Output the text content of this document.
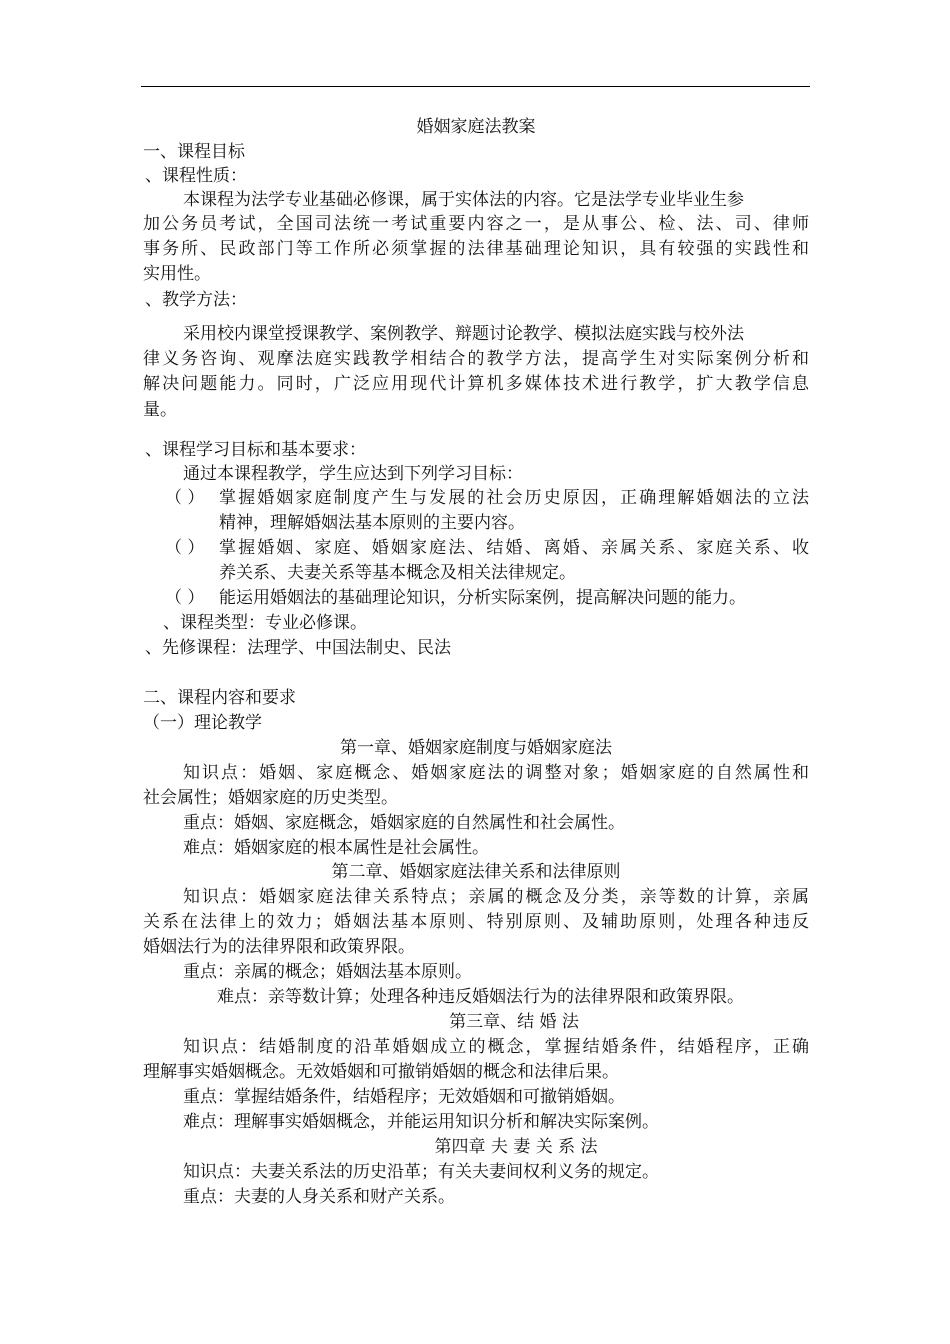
婚姻家庭法教案
一、课程目标
、课程性质：
本课程为法学专业基础必修课，属于实体法的内容。它是法学专业毕业生参
加公务员考试，全国司法统一考试重要内容之一，是从事公、检、法、司、律师
事务所、民政部门等工作所必须掌握的法律基础理论知识，具有较强的实践性和
实用性。
、教学方法：
采用校内课堂授课教学、案例教学、辩题讨论教学、模拟法庭实践与校外法
律义务咨询、观摩法庭实践教学相结合的教学方法，提高学生对实际案例分析和
解决问题能力。同时，广泛应用现代计算机多媒体技术进行教学，扩大教学信息
量。
、课程学习目标和基本要求：
通过本课程教学，学生应达到下列学习目标：
（ ） 掌握婚姻家庭制度产生与发展的社会历史原因，正确理解婚姻法的立法
精神，理解婚姻法基本原则的主要内容。
（ ） 掌握婚姻、家庭、婚姻家庭法、结婚、离婚、亲属关系、家庭关系、收
养关系、夫妻关系等基本概念及相关法律规定。
（ ） 能运用婚姻法的基础理论知识，分析实际案例，提高解决问题的能力。
、课程类型：专业必修课。
、先修课程：法理学、中国法制史、民法
二、课程内容和要求
（一）理论教学
第一章、婚姻家庭制度与婚姻家庭法
知识点：婚姻、家庭概念、婚姻家庭法的调整对象；婚姻家庭的自然属性和
社会属性；婚姻家庭的历史类型。
重点：婚姻、家庭概念，婚姻家庭的自然属性和社会属性。
难点：婚姻家庭的根本属性是社会属性。
第二章、婚姻家庭法律关系和法律原则
知识点：婚姻家庭法律关系特点；亲属的概念及分类，亲等数的计算，亲属
关系在法律上的效力；婚姻法基本原则、特别原则、及辅助原则，处理各种违反
婚姻法行为的法律界限和政策界限。
重点：亲属的概念；婚姻法基本原则。
难点：亲等数计算；处理各种违反婚姻法行为的法律界限和政策界限。
第三章、结 婚 法
知识点：结婚制度的沿革婚姻成立的概念，掌握结婚条件，结婚程序，正确
理解事实婚姻概念。无效婚姻和可撤销婚姻的概念和法律后果。
重点：掌握结婚条件，结婚程序；无效婚姻和可撤销婚姻。
难点：理解事实婚姻概念，并能运用知识分析和解决实际案例。
第四章 夫 妻 关 系 法
知识点：夫妻关系法的历史沿革；有关夫妻间权利义务的规定。
重点：夫妻的人身关系和财产关系。
